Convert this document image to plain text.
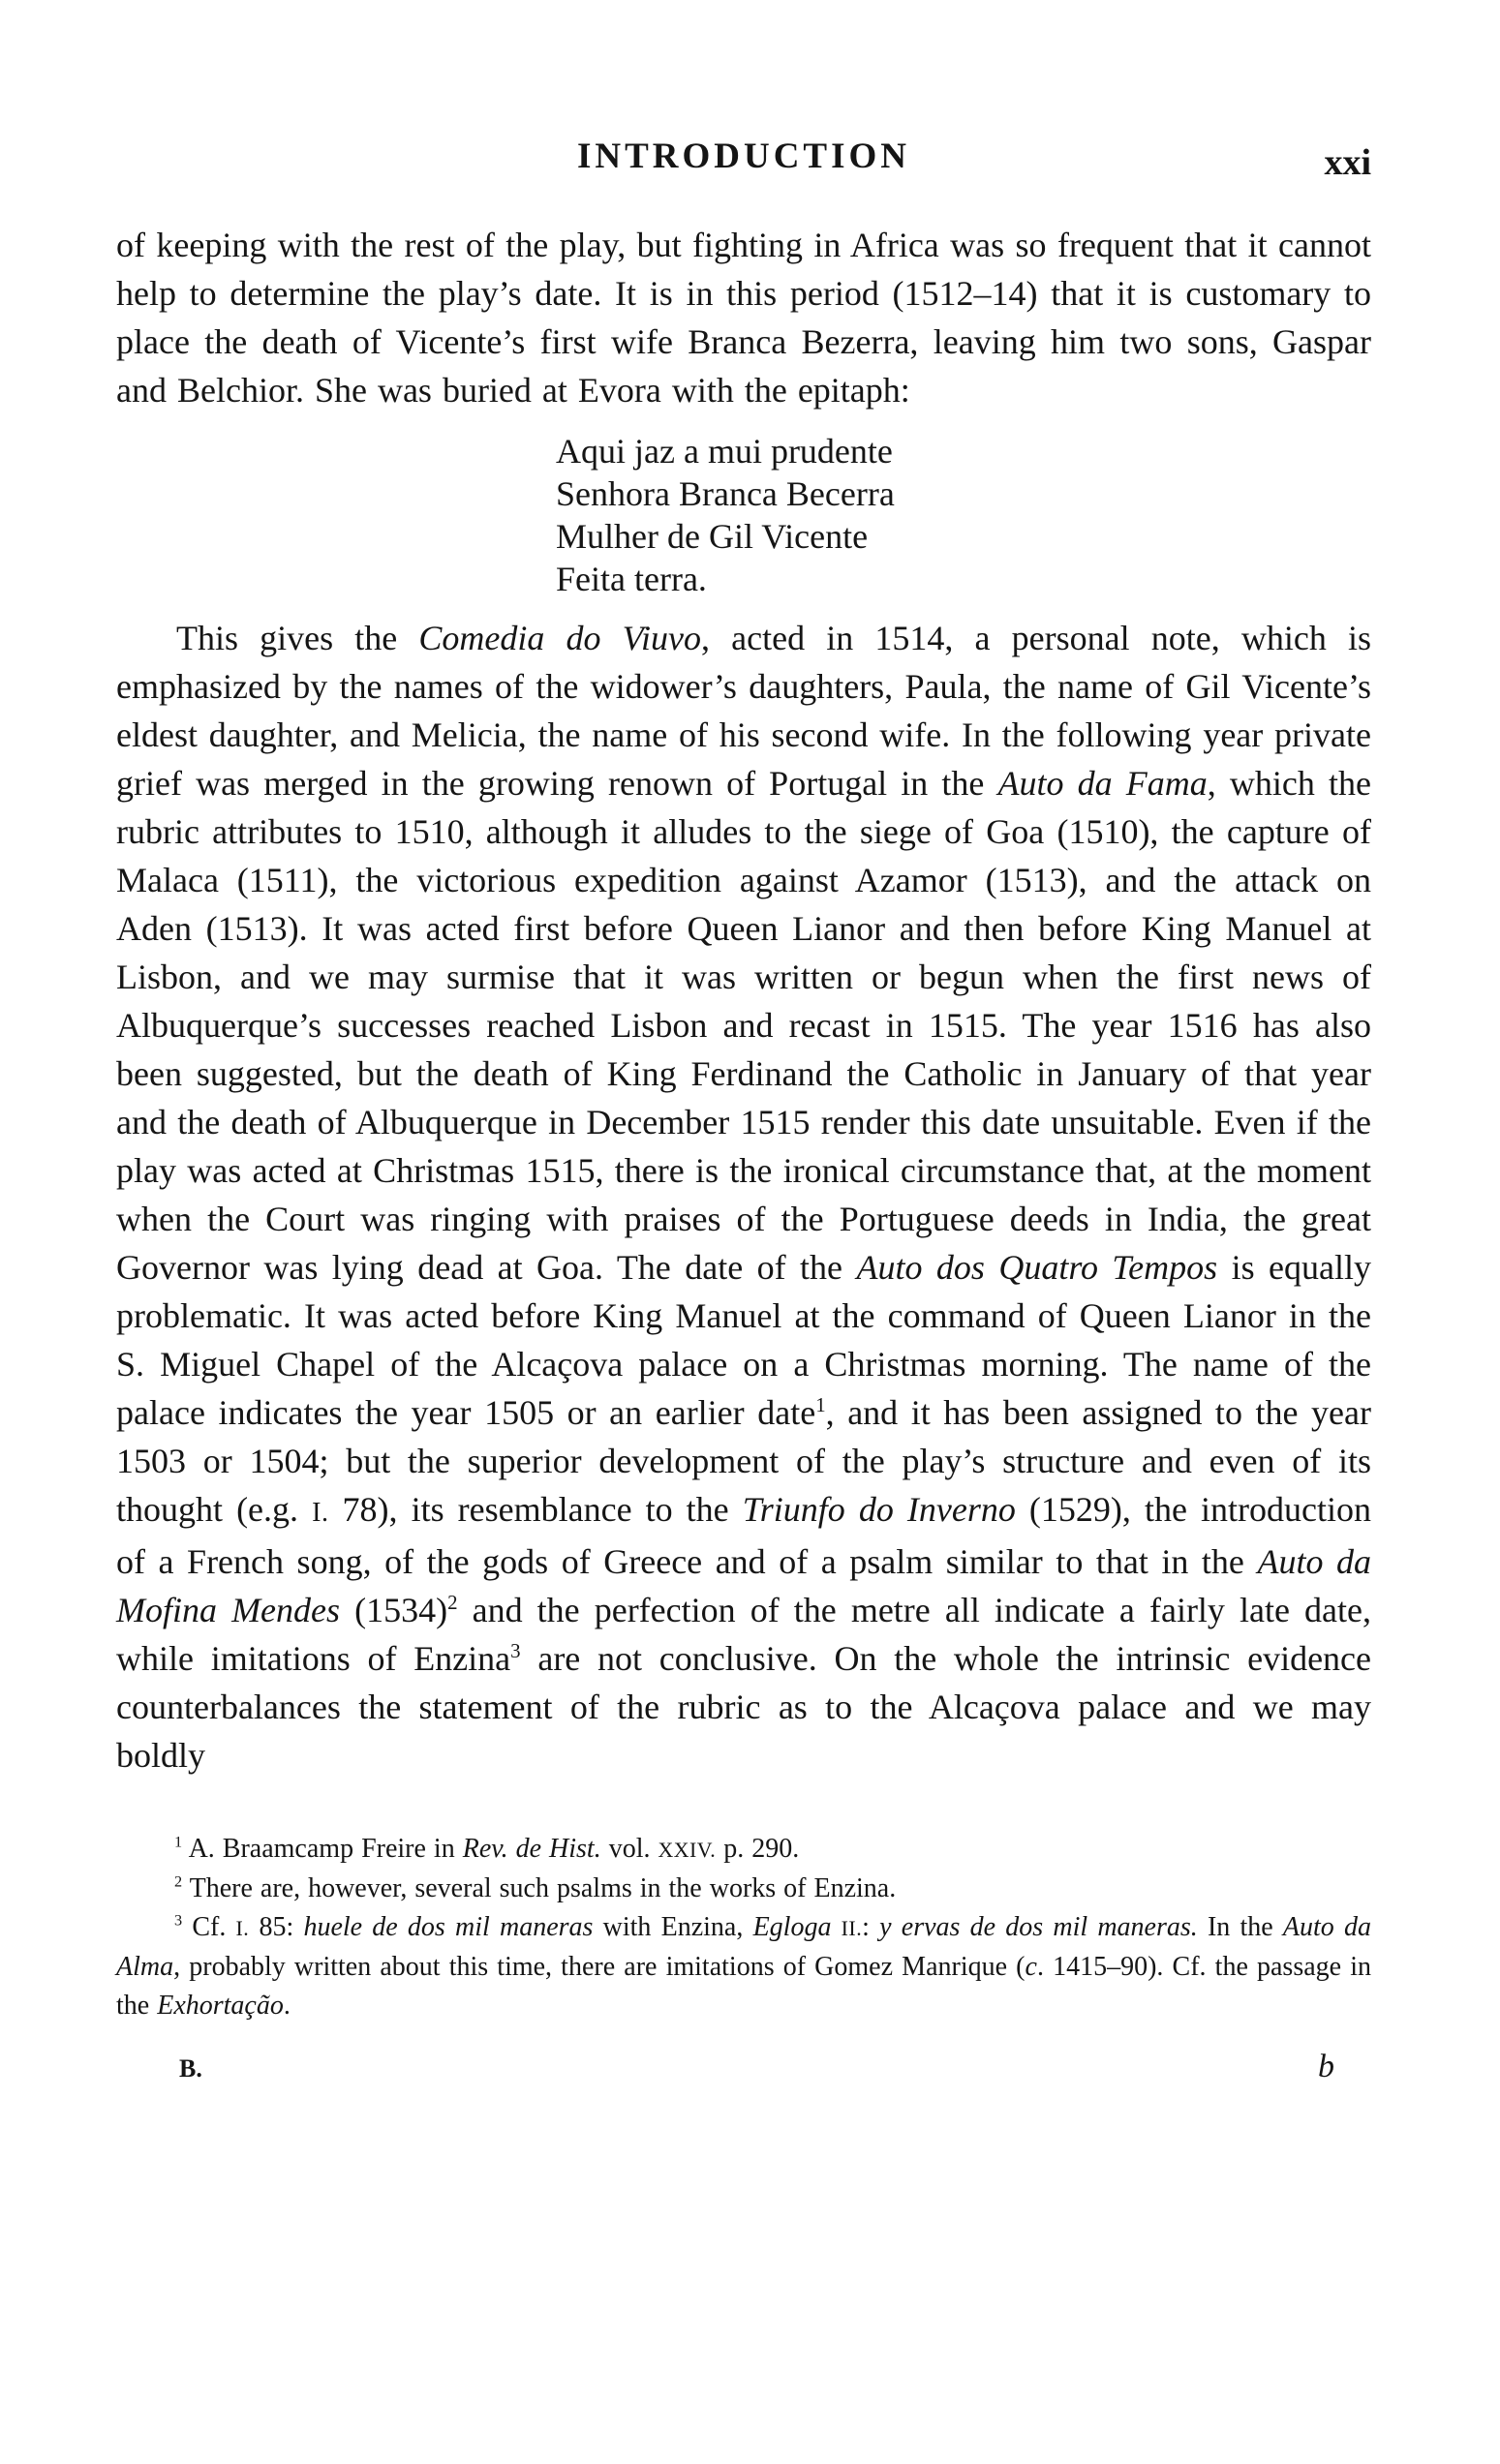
INTRODUCTION	xxi

of keeping with the rest of the play, but fighting in Africa was so frequent that it cannot help to determine the play’s date. It is in this period (1512–14) that it is customary to place the death of Vicente’s first wife Branca Bezerra, leaving him two sons, Gaspar and Belchior. She was buried at Evora with the epitaph:

Aqui jaz a mui prudente
Senhora Branca Becerra
Mulher de Gil Vicente
Feita terra.

This gives the Comedia do Viuvo, acted in 1514, a personal note, which is emphasized by the names of the widower’s daughters, Paula, the name of Gil Vicente’s eldest daughter, and Melicia, the name of his second wife. In the following year private grief was merged in the growing renown of Portugal in the Auto da Fama, which the rubric attributes to 1510, although it alludes to the siege of Goa (1510), the capture of Malaca (1511), the victorious expedition against Azamor (1513), and the attack on Aden (1513). It was acted first before Queen Lianor and then before King Manuel at Lisbon, and we may surmise that it was written or begun when the first news of Albuquerque’s successes reached Lisbon and recast in 1515. The year 1516 has also been suggested, but the death of King Ferdinand the Catholic in January of that year and the death of Albuquerque in December 1515 render this date unsuitable. Even if the play was acted at Christmas 1515, there is the ironical circumstance that, at the moment when the Court was ringing with praises of the Portuguese deeds in India, the great Governor was lying dead at Goa. The date of the Auto dos Quatro Tempos is equally problematic. It was acted before King Manuel at the command of Queen Lianor in the S. Miguel Chapel of the Alcaçova palace on a Christmas morning. The name of the palace indicates the year 1505 or an earlier date$^1$, and it has been assigned to the year 1503 or 1504; but the superior development of the play’s structure and even of its thought (e.g. I. 78), its resemblance to the Triunfo do Inverno (1529), the introduction of a French song, of the gods of Greece and of a psalm similar to that in the Auto da Mofina Mendes $(1534)^2$ and the perfection of the metre all indicate a fairly late date, while imitations of Enzina$^3$ are not conclusive. On the whole the intrinsic evidence counterbalances the statement of the rubric as to the Alcaçova palace and we may boldly

$^1$ A. Braamcamp Freire in Rev. de Hist. vol. XXIV. p. 290.

$^2$ There are, however, several such psalms in the works of Enzina.

$^3$ Cf. I. 85: huele de dos mil maneras with Enzina, Egloga II.: y ervas de dos mil maneras. In the Auto da Alma, probably written about this time, there are imitations of Gomez Manrique (c. 1415–90). Cf. the passage in the Exhortação.

B.	b
